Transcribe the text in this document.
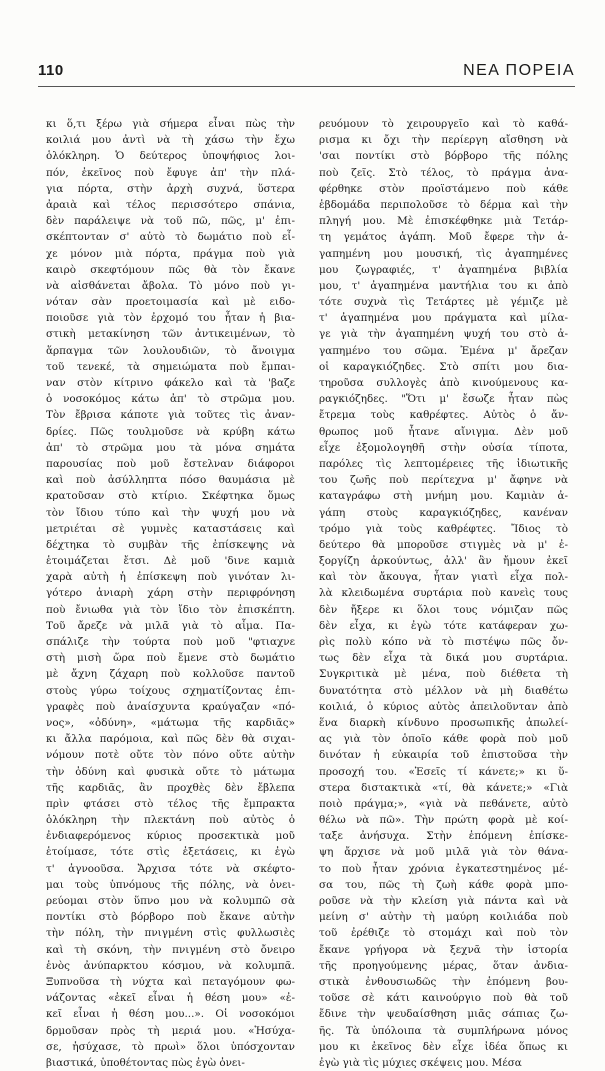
110	ΝΕΑ ΠΟΡΕΙΑ
κι ὅ,τι ξέρω γιὰ σήμερα εἶναι πὼς τὴν
κοιλιά μου ἀντὶ νὰ τὴ χάσω τὴν ἔχω
ὁλόκληρη. Ὁ δεύτερος ὑποψήφιος λοι-
πόν, ἐκεῖνος ποὺ ἔφυγε ἀπ' τὴν πλά-
για πόρτα, στὴν ἀρχὴ συχνά, ὕστερα
ἀραιὰ καὶ τέλος περισσότερο σπάνια,
δὲν παράλειψε νὰ τοῦ πῶ, πῶς, μ' ἐπι-
σκέπτονταν σ' αὐτὸ τὸ δωμάτιο ποὺ εἶ-
χε μόνον μιὰ πόρτα, πράγμα ποὺ γιὰ
καιρὸ σκεφτόμουν πῶς θὰ τὸν ἔκανε
νὰ αἰσθάνεται ἄβολα. Τὸ μόνο ποὺ γι-
νόταν σὰν προετοιμασία καὶ μὲ ειδο-
ποιοῦσε γιὰ τὸν ἐρχομό του ἦταν ἡ βια-
στικὴ μετακίνηση τῶν ἀντικειμένων, τὸ
ἅρπαγμα τῶν λουλουδιῶν, τὸ ἄνοιγμα
τοῦ τενεκέ, τὰ σημειώματα ποὺ ἔμπαι-
ναν στὸν κίτρινο φάκελο καὶ τὰ 'βαζε
ὁ νοσοκόμος κάτω ἀπ' τὸ στρῶμα μου.
Τὸν ἔβρισα κάποτε γιὰ τοῦτες τὶς ἀναν-
δρίες. Πῶς τουλμοῦσε νὰ κρύβη κάτω
ἀπ' τὸ στρῶμα μου τὰ μόνα σημάτα
παρουσίας ποὺ μοῦ ἔστελναν διάφοροι
καὶ ποὺ ἀσύλληπτα πόσο θαυμάσια μὲ
κρατοῦσαν στὸ κτίριο. Σκέφτηκα ὅμως
τὸν ἴδιου τύπο καὶ τὴν ψυχή μου νὰ
μετριέται σὲ γυμνὲς καταστάσεις καὶ
δέχτηκα τὸ συμβὰν τῆς ἐπίσκεψης νὰ
ἑτοιμάζεται ἔτσι. Δὲ μοῦ 'δινε καμιὰ
χαρὰ αὐτὴ ἡ ἐπίσκεψη ποὺ γινόταν λι-
γότερο ἀνιαρὴ χάρη στὴν περιφρόνηση
ποὺ ἔνιωθα γιὰ τὸν ἴδιο τὸν ἐπισκέπτη.
Τοῦ ἄρεζε νὰ μιλᾶ γιὰ τὸ αἷμα. Πα-
σπάλιζε τὴν τούρτα ποὺ μοῦ "φτιαχνε
στὴ μισὴ ὥρα ποὺ ἔμενε στὸ δωμάτιο
μὲ ἄχνη ζάχαρη ποὺ κολλοῦσε παντοῦ
στοὺς γύρω τοίχους σχηματίζοντας ἐπι-
γραφὲς ποὺ ἀναίσχυντα κραύγαζαν «πό-
νος», «ὀδύνη», «μάτωμα τῆς καρδιᾶς»
κι ἄλλα παρόμοια, καὶ πῶς δὲν θὰ σιχαι-
νόμουν ποτὲ οὔτε τὸν πόνο οὔτε αὐτὴν
τὴν ὀδύνη καὶ φυσικὰ οὔτε τὸ μάτωμα
τῆς καρδιᾶς, ἂν προχθὲς δὲν ἔβλεπα
πρὶν φτάσει στὸ τέλος τῆς ἔμπρακτα
ὁλόκληρη τὴν πλεκτάνη ποὺ αὐτὸς ὁ
ἐνδιαφερόμενος κύριος προσεκτικὰ μοῦ
ἑτοίμασε, τότε στὶς ἐξετάσεις, κι ἐγὼ
τ' ἀγνοοῦσα. Ἄρχισα τότε νὰ σκέφτο-
μαι τοὺς ὑπνόμους τῆς πόλης, νὰ ὀνει-
ρεύομαι στὸν ὕπνο μου νὰ κολυμπῶ σὰ
ποντίκι στὸ βόρβορο ποὺ ἔκανε αὐτὴν
τὴν πόλη, τὴν πνιγμένη στὶς φυλλωσιὲς
καὶ τὴ σκόνη, τὴν πνιγμένη στὸ ὄνειρο
ἑνὸς ἀνύπαρκτου κόσμου, νὰ κολυμπᾶ.
Ξυπνοῦσα τὴ νύχτα καὶ πεταγόμουν φω-
νάζοντας «ἐκεῖ εἶναι ἡ θέση μου» «ἐ-
κεῖ εἶναι ἡ θέση μου...». Οἱ νοσοκόμοι
δρμοῦσαν πρὸς τὴ μεριά μου. «Ἡσύχα-
σε, ἡσύχασε, τὸ πρωὶ» ὅλοι ὑπόσχονταν
βιαστικά, ὑποθέτοντας πὼς ἐγὼ ὀνει-
ρευόμουν τὸ χειρουργεῖο καὶ τὸ καθά-
ρισμα κι ὄχι τὴν περίεργη αἴσθηση νὰ
'σαι ποντίκι στὸ βόρβορο τῆς πόλης
ποὺ ζεῖς. Στὸ τέλος, τὸ πράγμα ἀνα-
φέρθηκε στὸν προϊστάμενο ποὺ κάθε
ἑβδομάδα περιπολοῦσε τὸ δέρμα καὶ τὴν
πληγή μου. Μὲ ἐπισκέφθηκε μιὰ Τετάρ-
τη γεμάτος ἀγάπη. Μοῦ ἔφερε τὴν ἀ-
γαπημένη μου μουσική, τὶς ἀγαπημένες
μου ζωγραφιές, τ' ἀγαπημένα βιβλία
μου, τ' ἀγαπημένα μαντήλια του κι ἀπὸ
τότε συχνὰ τὶς Τετάρτες μὲ γέμιζε μὲ
τ' ἀγαπημένα μου πράγματα καὶ μίλα-
γε γιὰ τὴν ἀγαπημένη ψυχή του στὸ ἀ-
γαπημένο του σῶμα. Ἐμένα μ' ἄρεζαν
οἱ καραγκιόζηδες. Στὸ σπίτι μου δια-
τηροῦσα συλλογὲς ἀπὸ κινούμενους κα-
ραγκιόζηδες. "Ὅτι μ' ἔσωζε ἦταν πὼς
ἔτρεμα τοὺς καθρέφτες. Αὐτὸς ὁ ἄν-
θρωπος μοῦ ἦτανε αἴνιγμα. Δὲν μοῦ
εἶχε ἐξομολογηθῆ στὴν οὐσία τίποτα,
παρόλες τὶς λεπτομέρειες τῆς ἰδιωτικῆς
του ζωῆς ποὺ περίτεχνα μ' ἄφηνε νὰ
καταγράφω στὴ μνήμη μου. Καμιὰν ἀ-
γάπη στοὺς καραγκιόζηδες, κανέναν
τρόμο γιὰ τοὺς καθρέφτες. Ἴδιος τὸ
δεύτερο θὰ μποροῦσε στιγμὲς νὰ μ' ἐ-
ξοργίζη ἀρκούντως, ἀλλ' ἂν ἤμουν ἐκεῖ
καὶ τὸν ἄκουγα, ἦταν γιατὶ εἶχα πολ-
λὰ κλειδωμένα συρτάρια ποὺ κανεὶς τους
δὲν ἤξερε κι ὅλοι τους νόμιζαν πῶς
δὲν εἶχα, κι ἐγὼ τότε κατάφεραν χω-
ρὶς πολὺ κόπο νὰ τὸ πιστέψω πῶς ὄν-
τως δὲν εἶχα τὰ δικά μου συρτάρια.
Συγκριτικὰ μὲ μένα, ποὺ διέθετα τὴ
δυνατότητα στὸ μέλλον νὰ μὴ διαθέτω
κοιλιά, ὁ κύριος αὐτὸς ἀπειλοῦνταν ἀπὸ
ἕνα διαρκὴ κίνδυνο προσωπικῆς ἀπωλεί-
ας γιὰ τὸν ὁποῖο κάθε φορὰ ποὺ μοῦ
δινόταν ἡ εὐκαιρία τοῦ ἐπιστοῦσα τὴν
προσοχή του. «Ἐσεῖς τί κάνετε;» κι ὕ-
στερα διστακτικὰ «τί, θὰ κάνετε;» «Γιὰ
ποιὸ πράγμα;», «γιὰ νὰ πεθάνετε, αὐτὸ
θέλω νὰ πῶ». Τὴν πρώτη φορὰ μὲ κοί-
ταξε ἀνήσυχα. Στὴν ἑπόμενη ἐπίσκε-
ψη ἄρχισε νὰ μοῦ μιλᾶ γιὰ τὸν θάνα-
το ποὺ ἦταν χρόνια ἐγκατεστημένος μέ-
σα του, πῶς τὴ ζωὴ κάθε φορὰ μπο-
ροῦσε νὰ τὴν κλείση γιὰ πάντα καὶ νὰ
μείνη σ' αὐτὴν τὴ μαύρη κοιλιάδα ποὺ
τοῦ ἐρέθιζε τὸ στομάχι καὶ ποὺ τὸν
ἔκανε γρήγορα νὰ ξεχνᾶ τὴν ἱστορία
τῆς προηγούμενης μέρας, ὅταν ἀνδια-
στικὰ ἐνθουσιωδῶς τὴν ἑπόμενη βου-
τοῦσε σὲ κάτι καινούργιο ποὺ θὰ τοῦ
ἔδινε τὴν ψευδαίσθηση μιᾶς σάπιας ζω-
ῆς. Τὰ ὑπόλοιπα τὰ συμπλήρωνα μόνος
μου κι ἐκεῖνος δὲν εἶχε ἰδέα ὅπως κι
ἐγὼ γιὰ τὶς μύχιες σκέψεις μου. Μέσα
